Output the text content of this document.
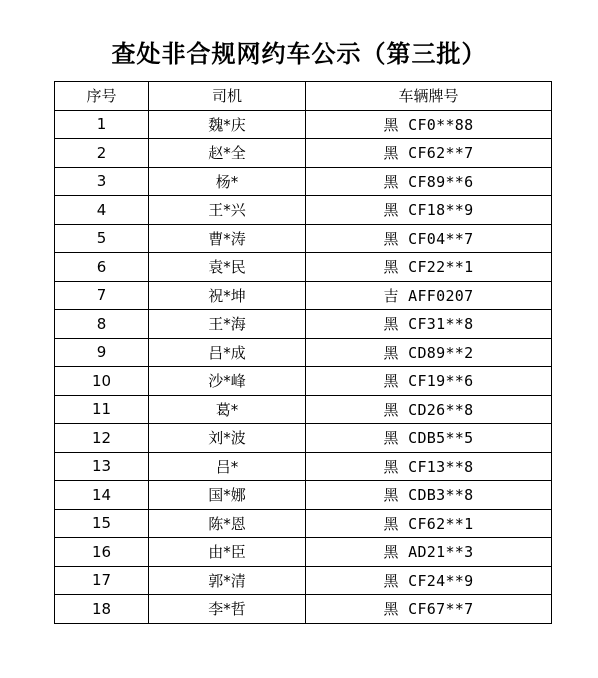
查处非合规网约车公示（第三批）
序号	司机	车辆牌号
1	魏*庆	黑 CF0**88
2	赵*全	黑 CF62**7
3	杨*	黑 CF89**6
4	王*兴	黑 CF18**9
5	曹*涛	黑 CF04**7
6	袁*民	黑 CF22**1
7	祝*坤	吉 AFF0207
8	王*海	黑 CF31**8
9	吕*成	黑 CD89**2
10	沙*峰	黑 CF19**6
11	葛*	黑 CD26**8
12	刘*波	黑 CDB5**5
13	吕*	黑 CF13**8
14	国*娜	黑 CDB3**8
15	陈*恩	黑 CF62**1
16	由*臣	黑 AD21**3
17	郭*清	黑 CF24**9
18	李*哲	黑 CF67**7
